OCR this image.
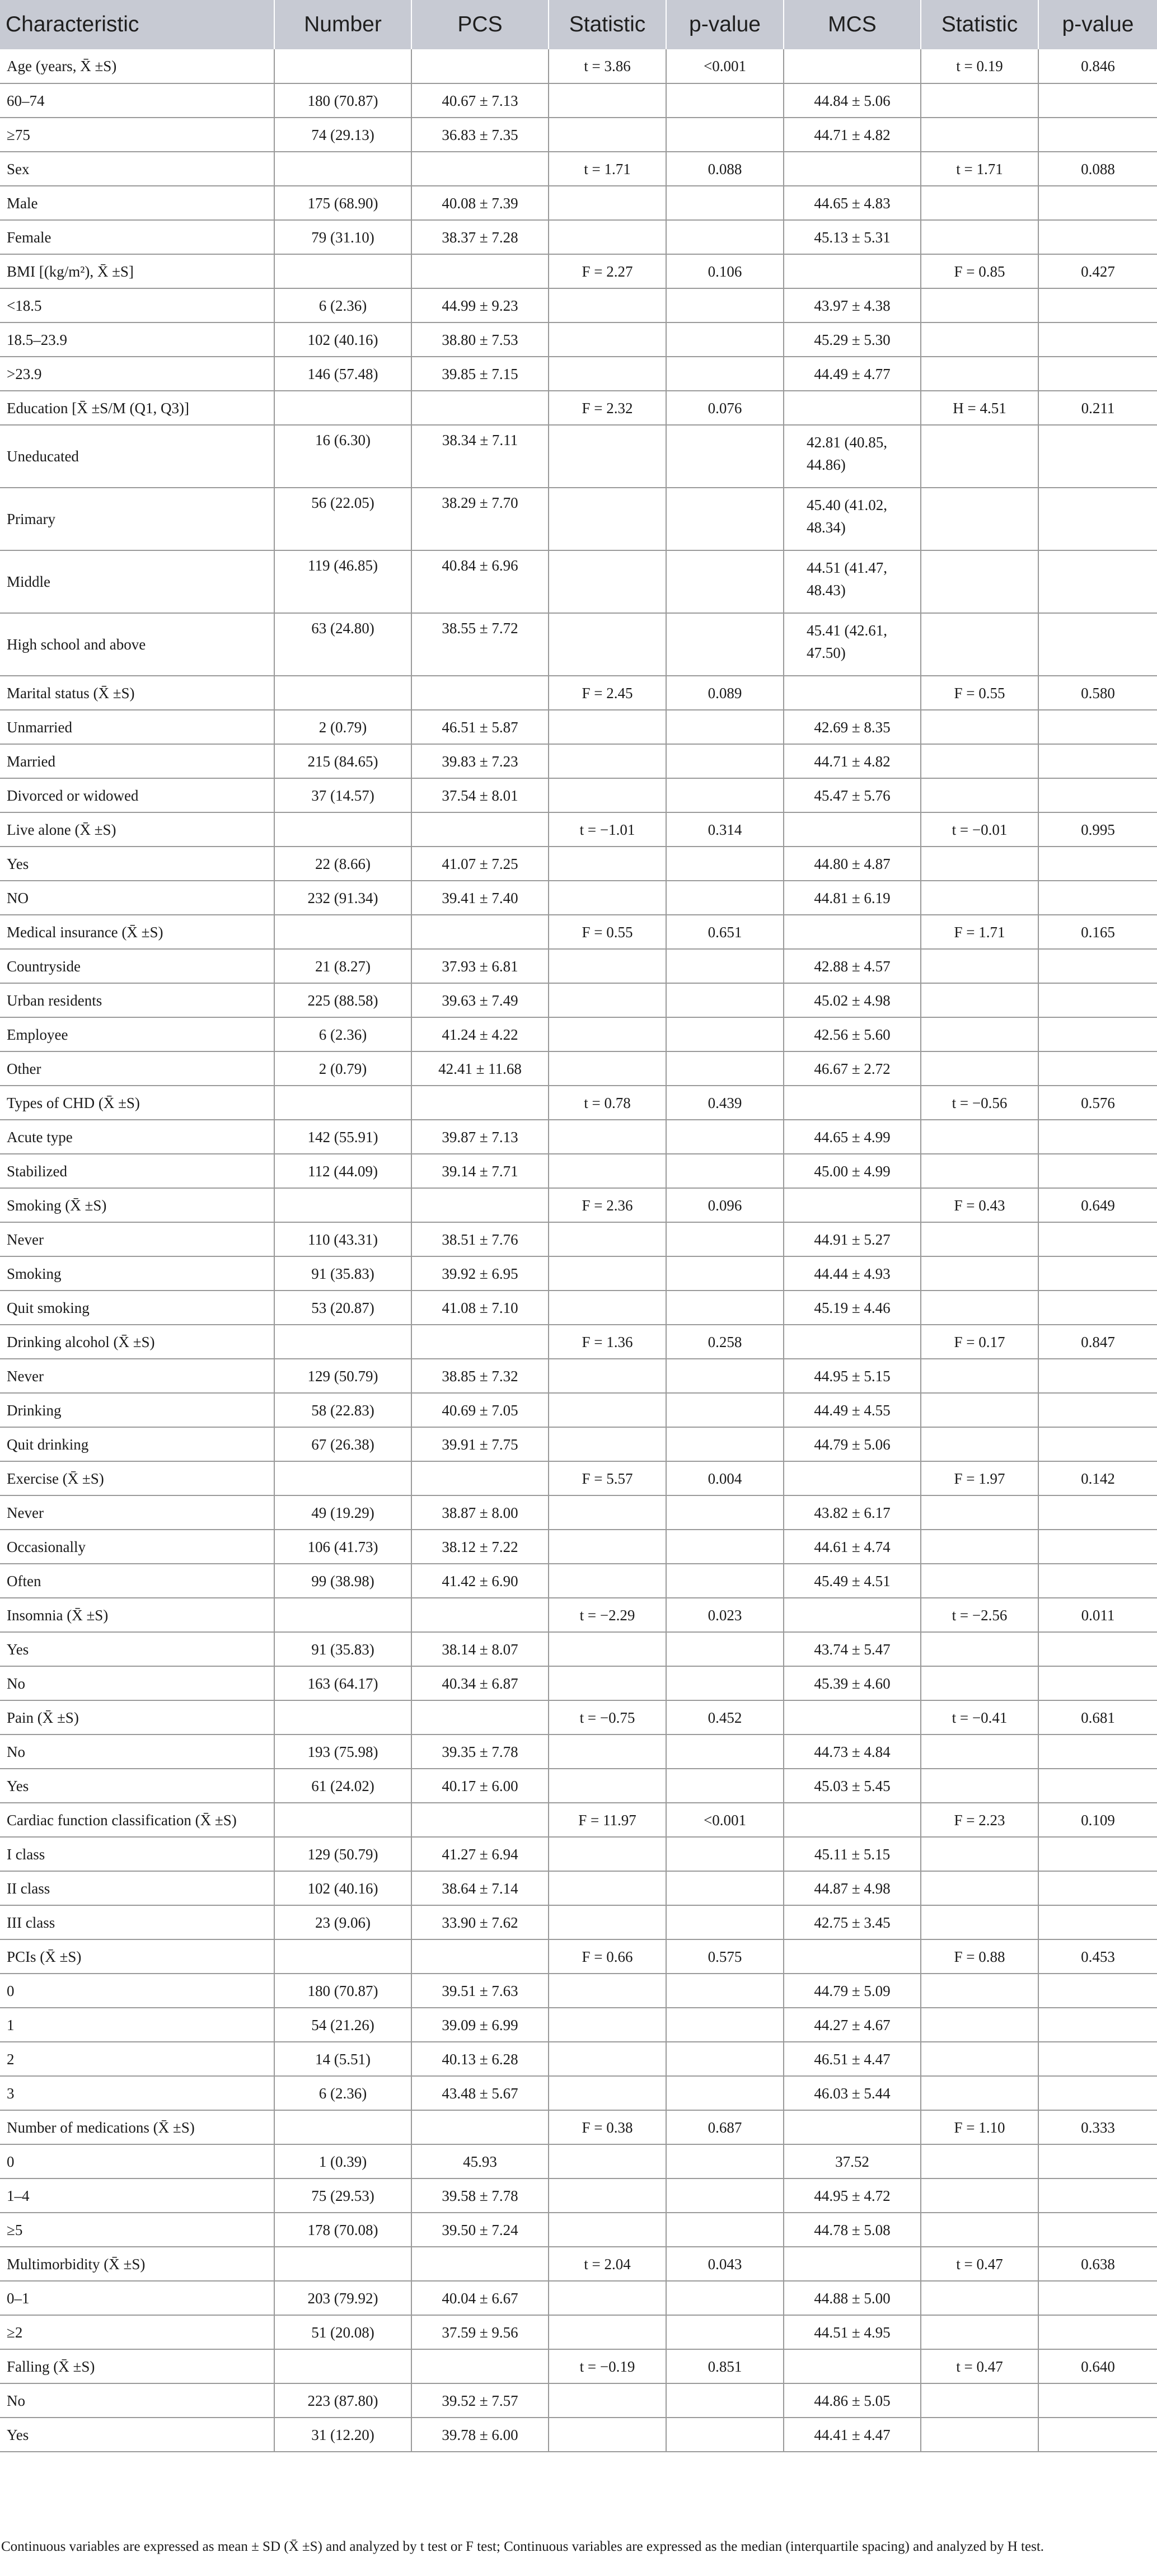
Characteristic	Number	PCS	Statistic	p-value	MCS	Statistic	p-value
Age (years, X̄ ±S)			t = 3.86	<0.001		t = 0.19	0.846
60–74	180 (70.87)	40.67 ± 7.13			44.84 ± 5.06		
≥75	74 (29.13)	36.83 ± 7.35			44.71 ± 4.82		
Sex			t = 1.71	0.088		t = 1.71	0.088
Male	175 (68.90)	40.08 ± 7.39			44.65 ± 4.83		
Female	79 (31.10)	38.37 ± 7.28			45.13 ± 5.31		
BMI [(kg/m²), X̄ ±S]			F = 2.27	0.106		F = 0.85	0.427
<18.5	6 (2.36)	44.99 ± 9.23			43.97 ± 4.38		
18.5–23.9	102 (40.16)	38.80 ± 7.53			45.29 ± 5.30		
>23.9	146 (57.48)	39.85 ± 7.15			44.49 ± 4.77		
Education [X̄ ±S/M (Q1, Q3)]			F = 2.32	0.076		H = 4.51	0.211
Uneducated	16 (6.30)	38.34 ± 7.11			42.81 (40.85, 44.86)		
Primary	56 (22.05)	38.29 ± 7.70			45.40 (41.02, 48.34)		
Middle	119 (46.85)	40.84 ± 6.96			44.51 (41.47, 48.43)		
High school and above	63 (24.80)	38.55 ± 7.72			45.41 (42.61, 47.50)		
Marital status (X̄ ±S)			F = 2.45	0.089		F = 0.55	0.580
Unmarried	2 (0.79)	46.51 ± 5.87			42.69 ± 8.35		
Married	215 (84.65)	39.83 ± 7.23			44.71 ± 4.82		
Divorced or widowed	37 (14.57)	37.54 ± 8.01			45.47 ± 5.76		
Live alone (X̄ ±S)			t = −1.01	0.314		t = −0.01	0.995
Yes	22 (8.66)	41.07 ± 7.25			44.80 ± 4.87		
NO	232 (91.34)	39.41 ± 7.40			44.81 ± 6.19		
Medical insurance (X̄ ±S)			F = 0.55	0.651		F = 1.71	0.165
Countryside	21 (8.27)	37.93 ± 6.81			42.88 ± 4.57		
Urban residents	225 (88.58)	39.63 ± 7.49			45.02 ± 4.98		
Employee	6 (2.36)	41.24 ± 4.22			42.56 ± 5.60		
Other	2 (0.79)	42.41 ± 11.68			46.67 ± 2.72		
Types of CHD (X̄ ±S)			t = 0.78	0.439		t = −0.56	0.576
Acute type	142 (55.91)	39.87 ± 7.13			44.65 ± 4.99		
Stabilized	112 (44.09)	39.14 ± 7.71			45.00 ± 4.99		
Smoking (X̄ ±S)			F = 2.36	0.096		F = 0.43	0.649
Never	110 (43.31)	38.51 ± 7.76			44.91 ± 5.27		
Smoking	91 (35.83)	39.92 ± 6.95			44.44 ± 4.93		
Quit smoking	53 (20.87)	41.08 ± 7.10			45.19 ± 4.46		
Drinking alcohol (X̄ ±S)			F = 1.36	0.258		F = 0.17	0.847
Never	129 (50.79)	38.85 ± 7.32			44.95 ± 5.15		
Drinking	58 (22.83)	40.69 ± 7.05			44.49 ± 4.55		
Quit drinking	67 (26.38)	39.91 ± 7.75			44.79 ± 5.06		
Exercise (X̄ ±S)			F = 5.57	0.004		F = 1.97	0.142
Never	49 (19.29)	38.87 ± 8.00			43.82 ± 6.17		
Occasionally	106 (41.73)	38.12 ± 7.22			44.61 ± 4.74		
Often	99 (38.98)	41.42 ± 6.90			45.49 ± 4.51		
Insomnia (X̄ ±S)			t = −2.29	0.023		t = −2.56	0.011
Yes	91 (35.83)	38.14 ± 8.07			43.74 ± 5.47		
No	163 (64.17)	40.34 ± 6.87			45.39 ± 4.60		
Pain (X̄ ±S)			t = −0.75	0.452		t = −0.41	0.681
No	193 (75.98)	39.35 ± 7.78			44.73 ± 4.84		
Yes	61 (24.02)	40.17 ± 6.00			45.03 ± 5.45		
Cardiac function classification (X̄ ±S)			F = 11.97	<0.001		F = 2.23	0.109
I class	129 (50.79)	41.27 ± 6.94			45.11 ± 5.15		
II class	102 (40.16)	38.64 ± 7.14			44.87 ± 4.98		
III class	23 (9.06)	33.90 ± 7.62			42.75 ± 3.45		
PCIs (X̄ ±S)			F = 0.66	0.575		F = 0.88	0.453
0	180 (70.87)	39.51 ± 7.63			44.79 ± 5.09		
1	54 (21.26)	39.09 ± 6.99			44.27 ± 4.67		
2	14 (5.51)	40.13 ± 6.28			46.51 ± 4.47		
3	6 (2.36)	43.48 ± 5.67			46.03 ± 5.44		
Number of medications (X̄ ±S)			F = 0.38	0.687		F = 1.10	0.333
0	1 (0.39)	45.93			37.52		
1–4	75 (29.53)	39.58 ± 7.78			44.95 ± 4.72		
≥5	178 (70.08)	39.50 ± 7.24			44.78 ± 5.08		
Multimorbidity (X̄ ±S)			t = 2.04	0.043		t = 0.47	0.638
0–1	203 (79.92)	40.04 ± 6.67			44.88 ± 5.00		
≥2	51 (20.08)	37.59 ± 9.56			44.51 ± 4.95		
Falling (X̄ ±S)			t = −0.19	0.851		t = 0.47	0.640
No	223 (87.80)	39.52 ± 7.57			44.86 ± 5.05		
Yes	31 (12.20)	39.78 ± 6.00			44.41 ± 4.47		
Continuous variables are expressed as mean ± SD (X̄ ±S) and analyzed by t test or F test; Continuous variables are expressed as the median (interquartile spacing) and analyzed by H test.
